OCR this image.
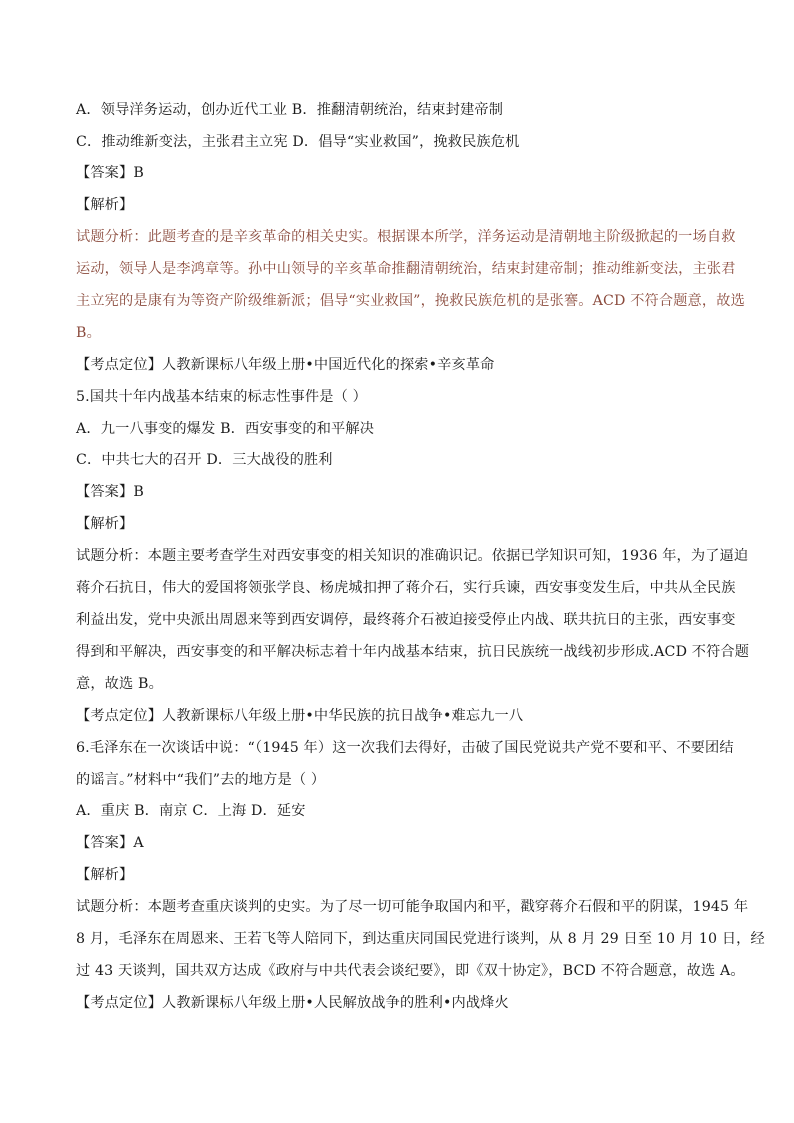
A．领导洋务运动，创办近代工业 B．推翻清朝统治，结束封建帝制
C．推动维新变法，主张君主立宪 D．倡导“实业救国”，挽救民族危机
【答案】B
【解析】
试题分析：此题考查的是辛亥革命的相关史实。根据课本所学，洋务运动是清朝地主阶级掀起的一场自救
运动，领导人是李鸿章等。孙中山领导的辛亥革命推翻清朝统治，结束封建帝制；推动维新变法，主张君
主立宪的是康有为等资产阶级维新派；倡导“实业救国”，挽救民族危机的是张謇。ACD 不符合题意，故选
B。
【考点定位】人教新课标八年级上册•中国近代化的探索•辛亥革命
5.国共十年内战基本结束的标志性事件是（ ）
A．九一八事变的爆发 B．西安事变的和平解决
C．中共七大的召开 D．三大战役的胜利
【答案】B
【解析】
试题分析：本题主要考查学生对西安事变的相关知识的准确识记。依据已学知识可知，1936 年，为了逼迫
蒋介石抗日，伟大的爱国将领张学良、杨虎城扣押了蒋介石，实行兵谏，西安事变发生后，中共从全民族
利益出发，党中央派出周恩来等到西安调停，最终蒋介石被迫接受停止内战、联共抗日的主张，西安事变
得到和平解决，西安事变的和平解决标志着十年内战基本结束，抗日民族统一战线初步形成.ACD 不符合题
意，故选 B。
【考点定位】人教新课标八年级上册•中华民族的抗日战争•难忘九一八
6.毛泽东在一次谈话中说：“（1945 年）这一次我们去得好，击破了国民党说共产党不要和平、不要团结
的谣言。”材料中“我们”去的地方是（ ）
A．重庆 B．南京 C．上海 D．延安
【答案】A
【解析】
试题分析：本题考查重庆谈判的史实。为了尽一切可能争取国内和平，戳穿蒋介石假和平的阴谋，1945 年
8 月，毛泽东在周恩来、王若飞等人陪同下，到达重庆同国民党进行谈判，从 8 月 29 日至 10 月 10 日，经
过 43 天谈判，国共双方达成《政府与中共代表会谈纪要》，即《双十协定》，BCD 不符合题意，故选 A。
【考点定位】人教新课标八年级上册•人民解放战争的胜利•内战烽火
